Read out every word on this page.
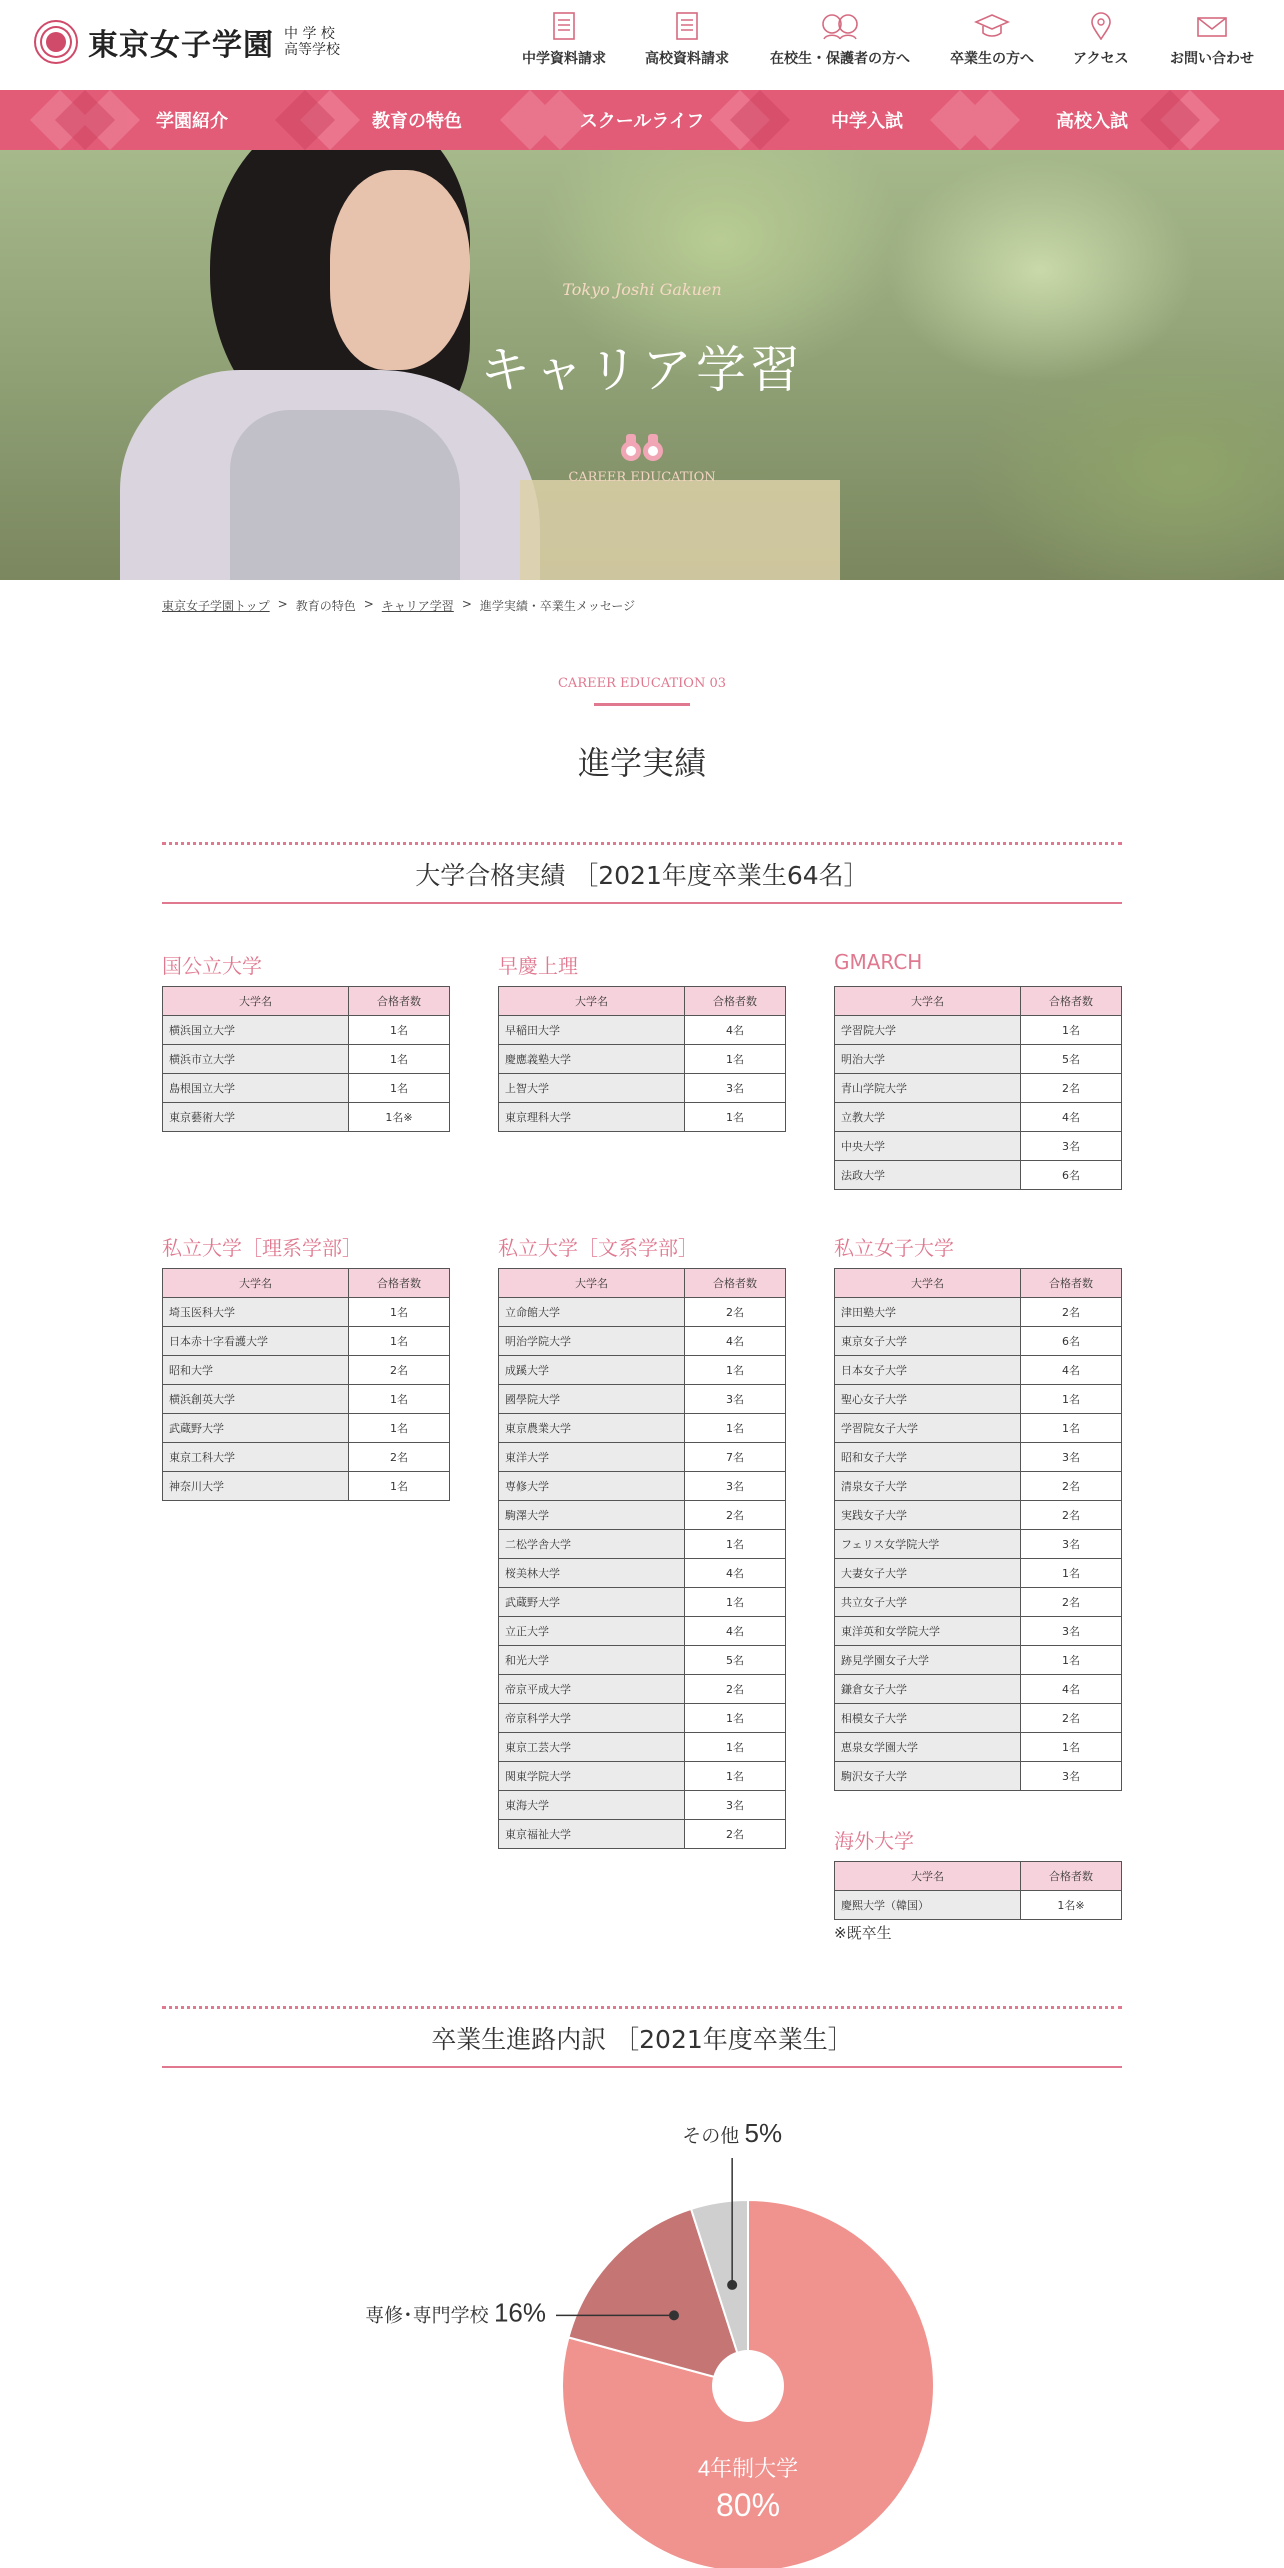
東京女子学園 中 学 校
高等学校
中学資料請求	高校資料請求	在校生・保護者の方へ	卒業生の方へ	アクセス	お問い合わせ
学園紹介	教育の特色	スクールライフ	中学入試	高校入試
Tokyo Joshi Gakuen
キャリア学習
CAREER EDUCATION
東京女子学園トップ > 教育の特色 > キャリア学習 > 進学実績・卒業生メッセージ
CAREER EDUCATION 03
進学実績
大学合格実績 ［2021年度卒業生64名］
国公立大学
大学名	合格者数
横浜国立大学	1名
横浜市立大学	1名
島根国立大学	1名
東京藝術大学	1名※
早慶上理
大学名	合格者数
早稲田大学	4名
慶應義塾大学	1名
上智大学	3名
東京理科大学	1名
GMARCH
大学名	合格者数
学習院大学	1名
明治大学	5名
青山学院大学	2名
立教大学	4名
中央大学	3名
法政大学	6名
私立大学［理系学部］
大学名	合格者数
埼玉医科大学	1名
日本赤十字看護大学	1名
昭和大学	2名
横浜創英大学	1名
武蔵野大学	1名
東京工科大学	2名
神奈川大学	1名
私立大学［文系学部］
大学名	合格者数
立命館大学	2名
明治学院大学	4名
成蹊大学	1名
國學院大学	3名
東京農業大学	1名
東洋大学	7名
専修大学	3名
駒澤大学	2名
二松学舎大学	1名
桜美林大学	4名
武蔵野大学	1名
立正大学	4名
和光大学	5名
帝京平成大学	2名
帝京科学大学	1名
東京工芸大学	1名
関東学院大学	1名
東海大学	3名
東京福祉大学	2名
私立女子大学
大学名	合格者数
津田塾大学	2名
東京女子大学	6名
日本女子大学	4名
聖心女子大学	1名
学習院女子大学	1名
昭和女子大学	3名
清泉女子大学	2名
実践女子大学	2名
フェリス女学院大学	3名
大妻女子大学	1名
共立女子大学	2名
東洋英和女学院大学	3名
跡見学園女子大学	1名
鎌倉女子大学	4名
相模女子大学	2名
恵泉女学園大学	1名
駒沢女子大学	3名
海外大学
大学名	合格者数
慶熙大学（韓国）	1名※
※既卒生
卒業生進路内訳 ［2021年度卒業生］
4年制大学
80%
専修･専門学校 16%
その他 5%
